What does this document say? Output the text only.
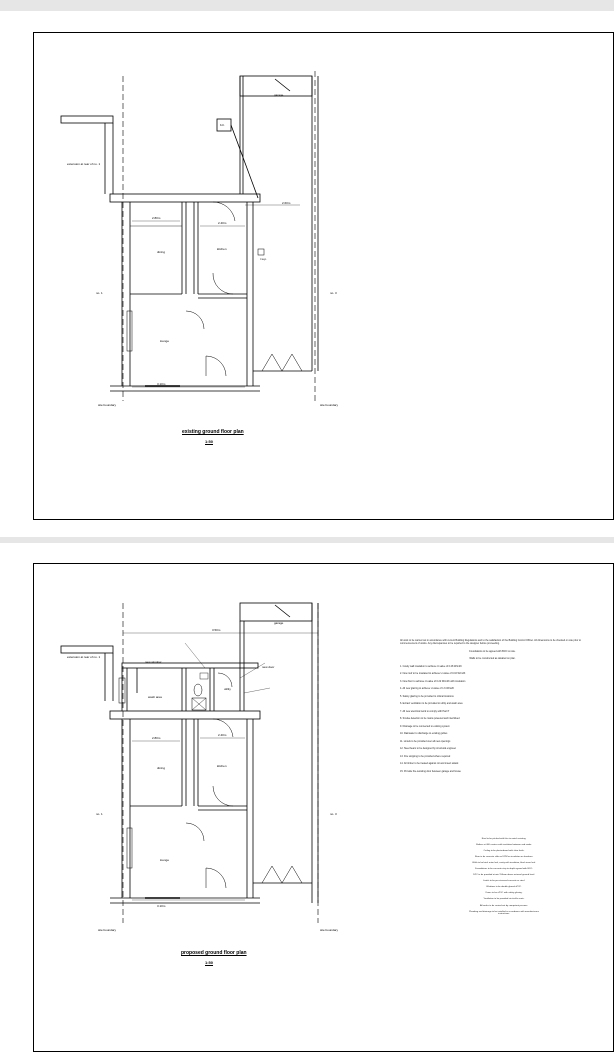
garage
b.h.
2.60m
2.80m
2.40m
dining
kitchen
lounge
3.10m
r.w.p.
extension at rear of no. 1
no. 1	no. 3
site boundary	site boundary
existing ground floor plan
1:50
garage
3.50m
wash area
utility
new window
new door
2.80m
2.40m
dining	kitchen
lounge
3.10m
extension at rear of no. 1
no. 1	no. 3
site boundary	site boundary
proposed ground floor plan
1:50

All work to be carried out in accordance with current Building Regulations and to the satisfaction of the Building Control Officer. All dimensions to be checked on site prior to commencement of works. Any discrepancies to be reported to the designer before proceeding.

Foundations to be agreed with BCO on site.

Walls to be constructed as detailed on plan.

1. Cavity wall insulation to achieve U-value of 0.28 W/m2K

2. New roof to be insulated to achieve U-value of 0.16 W/m2K

3. New floor to achieve U-value of 0.22 W/m2K with insulation

4. All new glazing to achieve U-value of 1.6 W/m2K

5. Safety glazing to be provided to critical locations

6. Extract ventilation to be provided to utility and wash area

7. All new electrical work to comply with Part P

8. Smoke detection to be mains powered and interlinked

9. Drainage to be connected to existing system

10. Rainwater to discharge to existing gullies

11. Lintels to be provided over all new openings

12. Steel beam to be designed by structural engineer

13. Fire stopping to be provided where required

14. All timber to be treated against rot and insect attack

15. Provide fire-resisting door between garage and house

Roof to be pitched with tiles to match existing.

Rafters at 400 centres with insulation between and under.

Ceiling to be plasterboard with skim finish.

Floor to be concrete slab on DPM on insulation on hardcore.

Walls to be brick outer leaf, cavity with insulation, block inner leaf.

Foundations to be concrete strip to depth agreed with BCO.

DPC to be provided at min 150mm above external ground level.

Lintels to be pre-stressed concrete or steel.

Windows to be double glazed uPVC.

Doors to be uPVC with safety glazing.

Ventilation to be provided via trickle vents.

All works to be carried out by competent persons.

Plumbing and drainage to be installed in accordance with manufacturers instructions.
